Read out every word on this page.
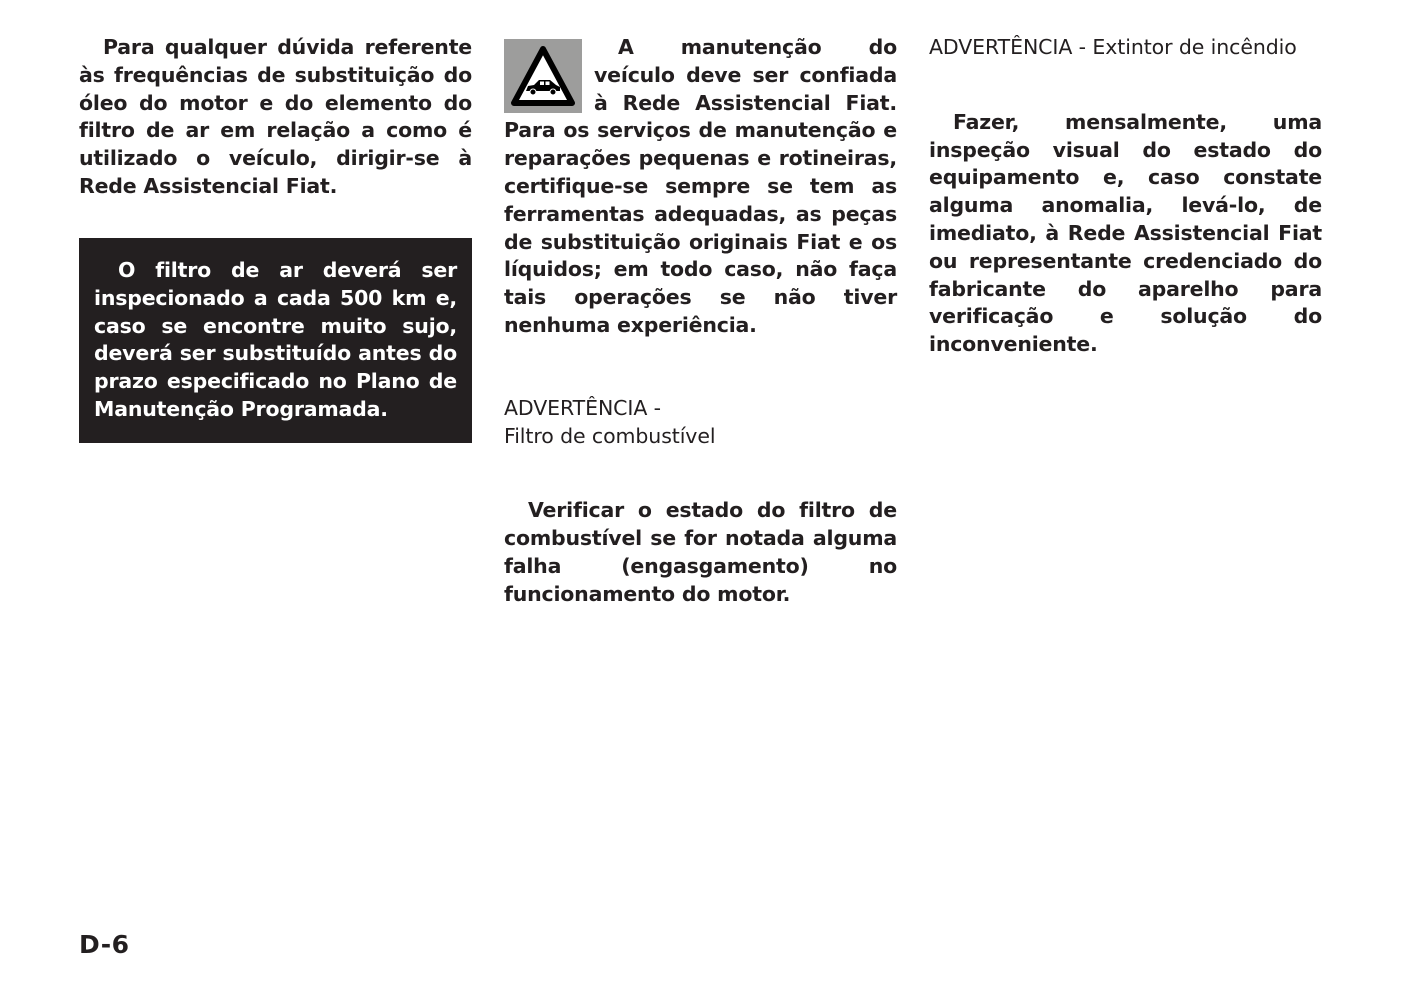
Para qualquer dúvida referente às frequências de substituição do óleo do motor e do elemento do filtro de ar em relação a como é utilizado o veículo, dirigir-se à Rede Assistencial Fiat.

O filtro de ar deverá ser inspecionado a cada 500 km e, caso se encontre muito sujo, deverá ser substituído antes do prazo especificado no Plano de Manutenção Programada.

A manutenção do veículo deve ser confiada à Rede Assistencial Fiat. Para os serviços de manutenção e reparações pequenas e rotineiras, certifique-se sempre se tem as ferramentas adequadas, as peças de substituição originais Fiat e os líquidos; em todo caso, não faça tais operações se não tiver nenhuma experiência.

ADVERTÊNCIA -

Filtro de combustível

Verificar o estado do filtro de combustível se for notada alguma falha (engasgamento) no funcionamento do motor.

ADVERTÊNCIA - Extintor de incêndio

Fazer, mensalmente, uma inspeção visual do estado do equipamento e, caso constate alguma anomalia, levá-lo, de imediato, à Rede Assistencial Fiat ou representante credenciado do fabricante do aparelho para verificação e solução do inconveniente.

D-6
